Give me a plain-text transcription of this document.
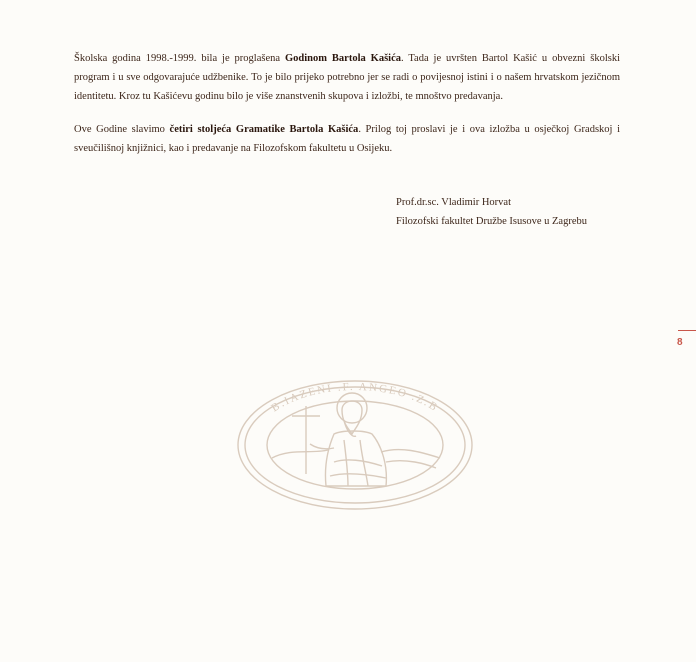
Školska godina 1998.-1999. bila je proglašena Godinom Bartola Kašića. Tada je uvršten Bartol Kašić u obvezni školski program i u sve odgovarajuće udžbenike. To je bilo prijeko potrebno jer se radi o povijesnoj istini i o našem hrvatskom jezičnom identitetu. Kroz tu Kašićevu godinu bilo je više znanstvenih skupova i izložbi, te mnoštvo predavanja.
Ove Godine slavimo četiri stoljeća Gramatike Bartola Kašića. Prilog toj proslavi je i ova izložba u osječkoj Gradskoj i sveučilišnoj knjižnici, kao i predavanje na Filozofskom fakultetu u Osijeku.
Prof.dr.sc. Vladimir Horvat
Filozofski fakultet Družbe Isusove u Zagrebu
8
B.IAZENI .F. ANGEO .Z.B
